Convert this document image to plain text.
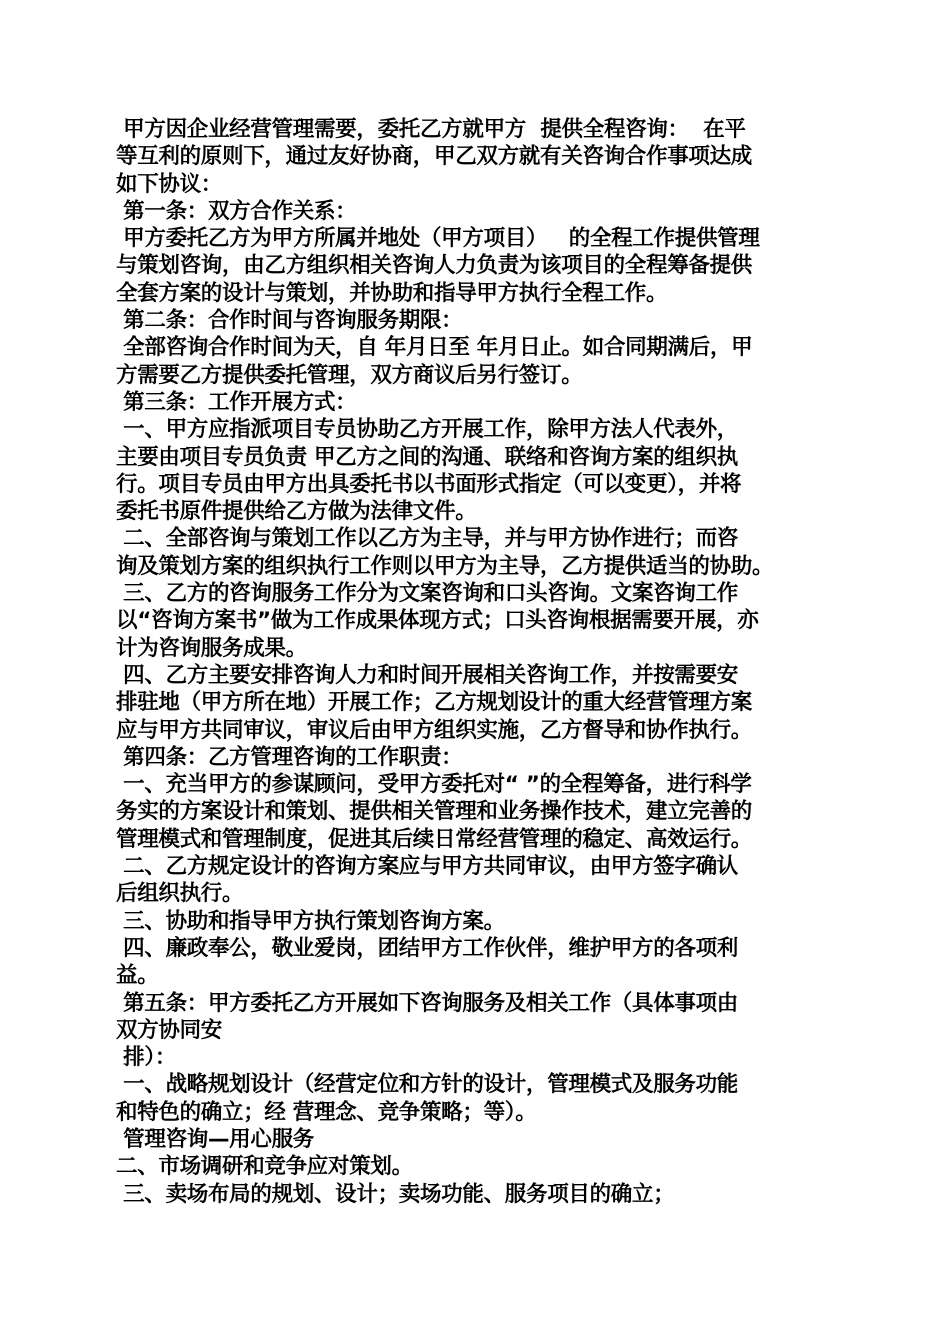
甲方因企业经营管理需要，委托乙方就甲方  提供全程咨询：  在平
等互利的原则下，通过友好协商，甲乙双方就有关咨询合作事项达成
如下协议：
第一条：双方合作关系：
甲方委托乙方为甲方所属并地处（甲方项目）   的全程工作提供管理
与策划咨询，由乙方组织相关咨询人力负责为该项目的全程筹备提供
全套方案的设计与策划，并协助和指导甲方执行全程工作。
第二条：合作时间与咨询服务期限：
全部咨询合作时间为天，自 年月日至 年月日止。如合同期满后，甲
方需要乙方提供委托管理，双方商议后另行签订。
第三条：工作开展方式：
一、甲方应指派项目专员协助乙方开展工作，除甲方法人代表外，
主要由项目专员负责 甲乙方之间的沟通、联络和咨询方案的组织执
行。项目专员由甲方出具委托书以书面形式指定（可以变更），并将
委托书原件提供给乙方做为法律文件。
二、全部咨询与策划工作以乙方为主导，并与甲方协作进行；而咨
询及策划方案的组织执行工作则以甲方为主导，乙方提供适当的协助。
三、乙方的咨询服务工作分为文案咨询和口头咨询。文案咨询工作
以“咨询方案书”做为工作成果体现方式；口头咨询根据需要开展，亦
计为咨询服务成果。
四、乙方主要安排咨询人力和时间开展相关咨询工作，并按需要安
排驻地（甲方所在地）开展工作；乙方规划设计的重大经营管理方案
应与甲方共同审议，审议后由甲方组织实施，乙方督导和协作执行。
第四条：乙方管理咨询的工作职责：
一、充当甲方的参谋顾问，受甲方委托对“ ”的全程筹备，进行科学
务实的方案设计和策划、提供相关管理和业务操作技术，建立完善的
管理模式和管理制度，促进其后续日常经营管理的稳定、高效运行。
二、乙方规定设计的咨询方案应与甲方共同审议，由甲方签字确认
后组织执行。
三、协助和指导甲方执行策划咨询方案。
四、廉政奉公，敬业爱岗，团结甲方工作伙伴，维护甲方的各项利
益。
第五条：甲方委托乙方开展如下咨询服务及相关工作（具体事项由
双方协同安
排）：
一、战略规划设计（经营定位和方针的设计，管理模式及服务功能
和特色的确立；经 营理念、竞争策略；等）。
管理咨询—用心服务
二、市场调研和竞争应对策划。
三、卖场布局的规划、设计；卖场功能、服务项目的确立；
